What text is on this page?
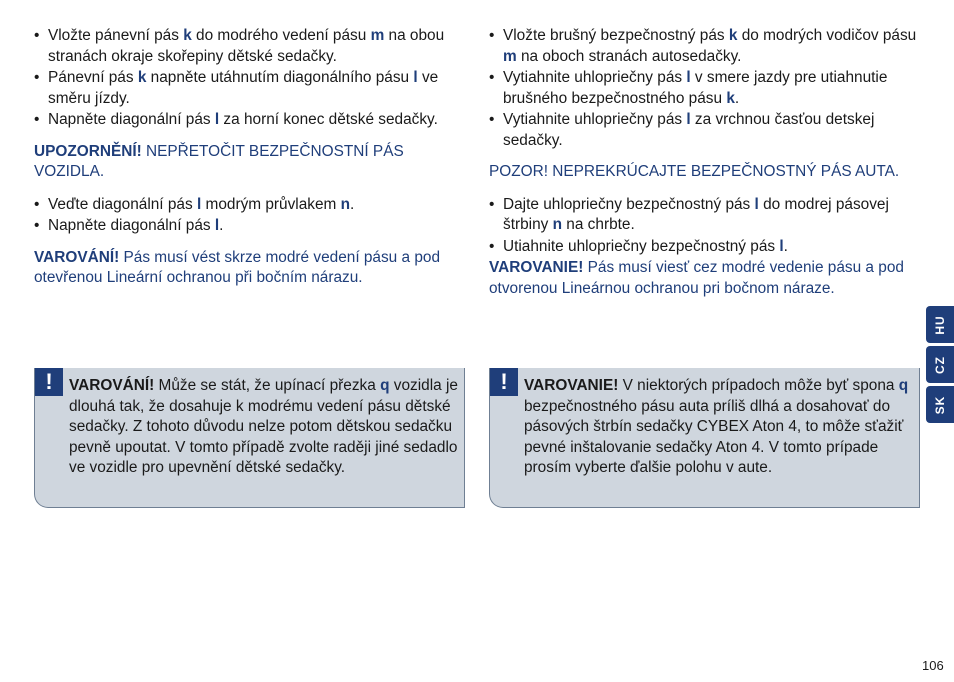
• Vložte pánevní pás k do modrého vedení pásu m na obou stranách okraje skořepiny dětské sedačky.
• Pánevní pás k napněte utáhnutím diagonálního pásu l ve směru jízdy.
• Napněte diagonální pás l za horní konec dětské sedačky.

UPOZORNĚNÍ! NEPŘETOČIT BEZPEČNOSTNÍ PÁS VOZIDLA.

• Veďte diagonální pás l modrým průvlakem n.
• Napněte diagonální pás l.

VAROVÁNÍ! Pás musí vést skrze modré vedení pásu a pod otevřenou Lineární ochranou při bočním nárazu.

• Vložte brušný bezpečnostný pás k do modrých vodičov pásu m na oboch stranách autosedačky.
• Vytiahnite uhlopriečny pás l v smere jazdy pre utiahnutie brušného bezpečnostného pásu k.
• Vytiahnite uhlopriečny pás l za vrchnou časťou detskej sedačky.

POZOR! NEPREKRÚCAJTE BEZPEČNOSTNÝ PÁS AUTA.

• Dajte uhlopriečny bezpečnostný pás l do modrej pásovej štrbiny n na chrbte.
• Utiahnite uhlopriečny bezpečnostný pás l.

VAROVANIE! Pás musí viesť cez modré vedenie pásu a pod otvorenou Lineárnou ochranou pri bočnom náraze.

!	VAROVÁNÍ! Může se stát, že upínací přezka q vozidla je dlouhá tak, že dosahuje k modrému vedení pásu dětské sedačky. Z tohoto důvodu nelze potom dětskou sedačku pevně upoutat. V tomto případě zvolte raději jiné sedadlo ve vozidle pro upevnění dětské sedačky.
!	VAROVANIE! V niektorých prípadoch môže byť spona q bezpečnostného pásu auta príliš dlhá a dosahovať do pásových štrbín sedačky CYBEX Aton 4, to môže sťažiť pevné inštalovanie sedačky Aton 4. V tomto prípade prosím vyberte ďalšie polohu v aute.
HU
CZ
SK
106
